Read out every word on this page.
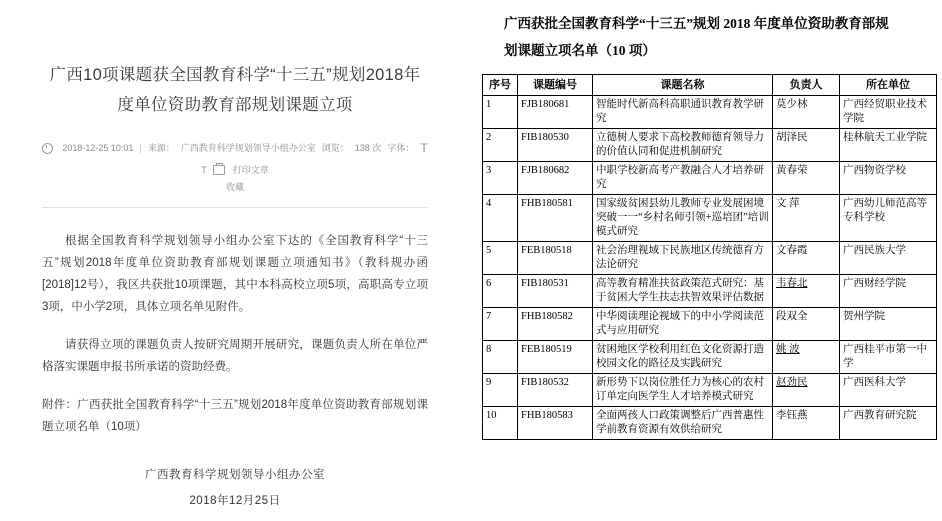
广西10项课题获全国教育科学“十三五”规划2018年度单位资助教育部规划课题立项
2018-12-25 10:01 | 来源： 广西教育科学规划领导小组办公室 浏览： 138 次 字体： T
T	打印文章
收藏

根据全国教育科学规划领导小组办公室下达的《全国教育科学“十三五”规划2018年度单位资助教育部规划课题立项通知书》（教科规办函[2018]12号），我区共获批10项课题，其中本科高校立项5项，高职高专立项3项，中小学2项，具体立项名单见附件。

请获得立项的课题负责人按研究周期开展研究，课题负责人所在单位严格落实课题申报书所承诺的资助经费。

附件：广西获批全国教育科学“十三五”规划2018年度单位资助教育部规划课题立项名单（10项）

广西教育科学规划领导小组办公室
2018年12月25日
广西获批全国教育科学“十三五”规划 2018 年度单位资助教育部规
划课题立项名单（10 项）
序号	课题编号	课题名称	负责人	所在单位
1	FJB180681	智能时代新高科高职通识教育教学研究	莫少林	广西经贸职业技术学院
2	FIB180530	立德树人要求下高校教师德育领导力的价值认同和促进机制研究	胡泽民	桂林航天工业学院
3	FJB180682	中职学校新高考产教融合人才培养研究	黄春荣	广西物资学校
4	FHB180581	国家级贫困县幼儿教师专业发展困境突破一一“乡村名师引领+巡培团”培训模式研究	文 萍	广西幼儿师范高等专科学校
5	FEB180518	社会治理视域下民族地区传统德育方法论研究	文春霞	广西民族大学
6	FIB180531	高等教育精准扶贫政策范式研究：基于贫困大学生扶志扶智效果评估数据	韦春北	广西财经学院
7	FHB180582	中华阅读理论视域下的中小学阅读范式与应用研究	段双全	贺州学院
8	FEB180519	贫困地区学校利用红色文化资源打造校园文化的路径及实践研究	姚 波	广西桂平市第一中学
9	FIB180532	新形势下以岗位胜任力为核心的农村订单定向医学生人才培养模式研究	赵劲民	广西医科大学
10	FHB180583	全面两孩人口政策调整后广西普惠性学前教育资源有效供给研究	李钰燕	广西教育研究院
